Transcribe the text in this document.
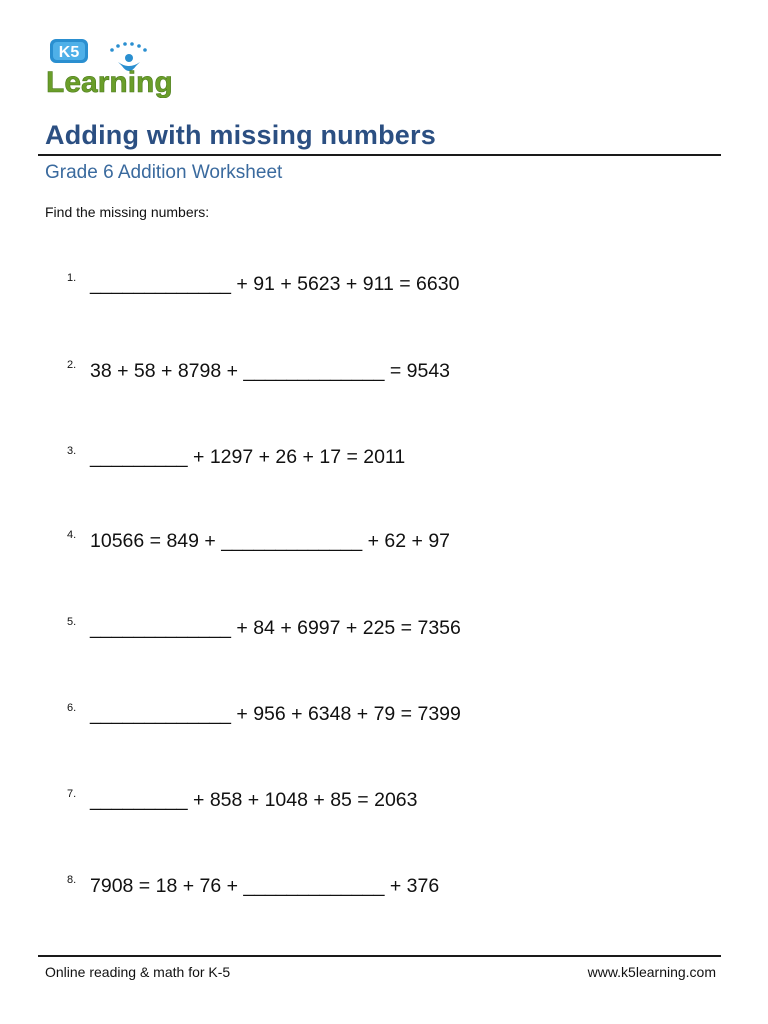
K5
Learning
Adding with missing numbers
Grade 6 Addition Worksheet
Find the missing numbers:
1. _____________ + 91 + 5623 + 911 = 6630
2. 38 + 58 + 8798 + _____________ = 9543
3. _________ + 1297 + 26 + 17 = 2011
4. 10566 = 849 + _____________ + 62 + 97
5. _____________ + 84 + 6997 + 225 = 7356
6. _____________ + 956 + 6348 + 79 = 7399
7. _________ + 858 + 1048 + 85 = 2063
8. 7908 = 18 + 76 + _____________ + 376
Online reading & math for K-5	www.k5learning.com
